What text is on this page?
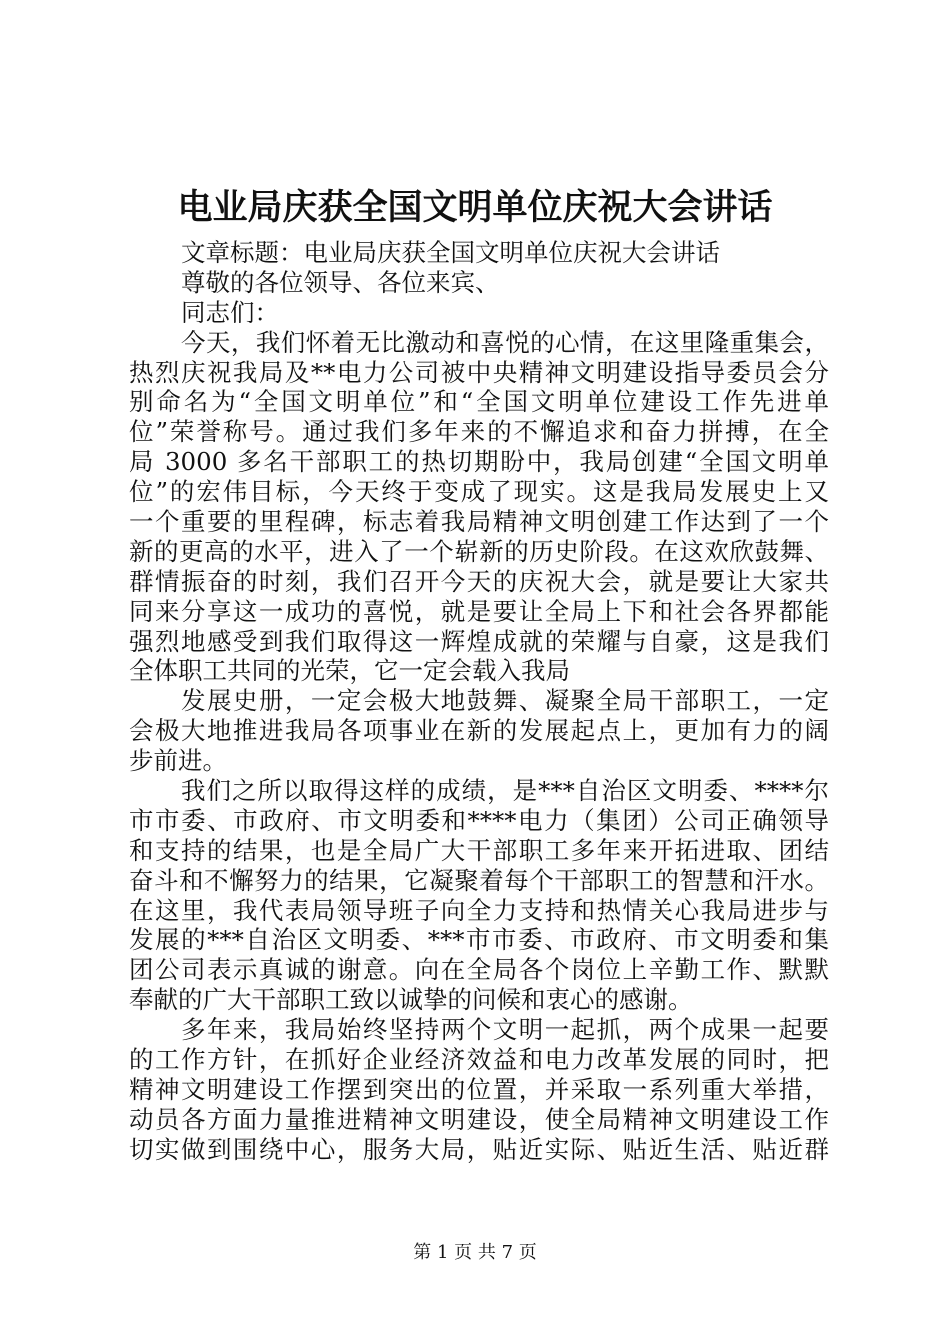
电业局庆获全国文明单位庆祝大会讲话
文章标题：电业局庆获全国文明单位庆祝大会讲话
尊敬的各位领导、各位来宾、
同志们：
今天，我们怀着无比激动和喜悦的心情，在这里隆重集会，
热烈庆祝我局及**电力公司被中央精神文明建设指导委员会分
别命名为“全国文明单位”和“全国文明单位建设工作先进单
位”荣誉称号。通过我们多年来的不懈追求和奋力拼搏，在全
局 3000 多名干部职工的热切期盼中，我局创建“全国文明单
位”的宏伟目标，今天终于变成了现实。这是我局发展史上又
一个重要的里程碑，标志着我局精神文明创建工作达到了一个
新的更高的水平，进入了一个崭新的历史阶段。在这欢欣鼓舞、
群情振奋的时刻，我们召开今天的庆祝大会，就是要让大家共
同来分享这一成功的喜悦，就是要让全局上下和社会各界都能
强烈地感受到我们取得这一辉煌成就的荣耀与自豪，这是我们
全体职工共同的光荣，它一定会载入我局
发展史册，一定会极大地鼓舞、凝聚全局干部职工，一定
会极大地推进我局各项事业在新的发展起点上，更加有力的阔
步前进。
我们之所以取得这样的成绩，是***自治区文明委、****尔
市市委、市政府、市文明委和****电力（集团）公司正确领导
和支持的结果，也是全局广大干部职工多年来开拓进取、团结
奋斗和不懈努力的结果，它凝聚着每个干部职工的智慧和汗水。
在这里，我代表局领导班子向全力支持和热情关心我局进步与
发展的***自治区文明委、***市市委、市政府、市文明委和集
团公司表示真诚的谢意。向在全局各个岗位上辛勤工作、默默
奉献的广大干部职工致以诚挚的问候和衷心的感谢。
多年来，我局始终坚持两个文明一起抓，两个成果一起要
的工作方针，在抓好企业经济效益和电力改革发展的同时，把
精神文明建设工作摆到突出的位置，并采取一系列重大举措，
动员各方面力量推进精神文明建设，使全局精神文明建设工作
切实做到围绕中心，服务大局，贴近实际、贴近生活、贴近群
第 1 页 共 7 页
